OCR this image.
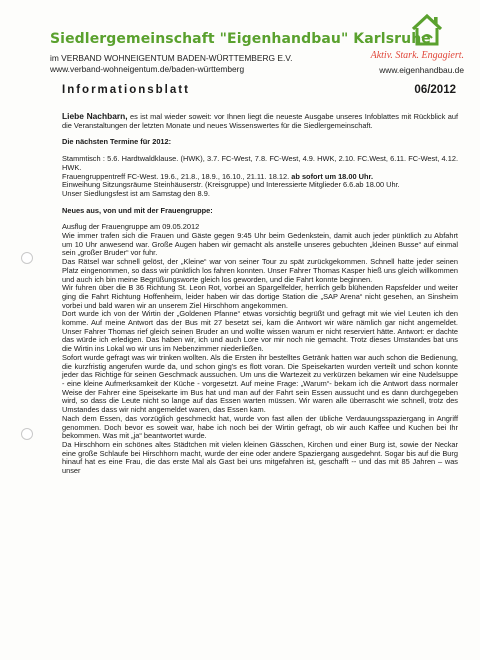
Siedlergemeinschaft "Eigenhandbau" Karlsruhe
im VERBAND WOHNEIGENTUM BADEN-WÜRTTEMBERG E.V.
www.verband-wohneigentum.de/baden-württemberg
Aktiv. Stark. Engagiert.
www.eigenhandbau.de
Informationsblatt	06/2012

Liebe Nachbarn, es ist mal wieder soweit: vor Ihnen liegt die neueste Ausgabe unseres Infoblattes mit Rückblick auf die Veranstaltungen der letzten Monate und neues Wissenswertes für die Siedlergemeinschaft.

Die nächsten Termine für 2012:

Stammtisch : 5.6. Hardtwaldklause. (HWK), 3.7. FC-West, 7.8. FC-West, 4.9. HWK, 2.10. FC.West, 6.11. FC-West, 4.12. HWK.

Frauengruppentreff FC-West. 19.6., 21.8., 18.9., 16.10., 21.11. 18.12. ab sofort um 18.00 Uhr.

Einweihung Sitzungsräume Steinhäuserstr. (Kreisgruppe) und Interessierte Mitglieder 6.6.ab 18.00 Uhr.

Unser Siedlungsfest ist am Samstag den 8.9.

Neues aus, von und mit der Frauengruppe:

Ausflug der Frauengruppe am 09.05.2012

Wie immer trafen sich die Frauen und Gäste gegen 9:45 Uhr beim Gedenkstein, damit auch jeder pünktlich zu Abfahrt um 10 Uhr anwesend war. Große Augen haben wir gemacht als anstelle unseres gebuchten „kleinen Busse“ auf einmal sein „großer Bruder“ vor fuhr.

Das Rätsel war schnell gelöst, der „Kleine“ war von seiner Tour zu spät zurückgekommen. Schnell hatte jeder seinen Platz eingenommen, so dass wir pünktlich los fahren konnten. Unser Fahrer Thomas Kasper hieß uns gleich willkommen und auch ich bin meine Begrüßungsworte gleich los geworden, und die Fahrt konnte beginnen.

Wir fuhren über die B 36 Richtung St. Leon Rot, vorbei an Spargelfelder, herrlich gelb blühenden Rapsfelder und weiter ging die Fahrt Richtung Hoffenheim, leider haben wir das dortige Station die „SAP Arena“ nicht gesehen, an Sinsheim vorbei und bald waren wir an unserem Ziel Hirschhorn angekommen.

Dort wurde ich von der Wirtin der „Goldenen Pfanne“ etwas vorsichtig begrüßt und gefragt mit wie viel Leuten ich den komme. Auf meine Antwort das der Bus mit 27 besetzt sei, kam die Antwort wir wäre nämlich gar nicht angemeldet. Unser Fahrer Thomas rief gleich seinen Bruder an und wollte wissen warum er nicht reserviert hätte. Antwort: er dachte das würde ich erledigen. Das haben wir, ich und auch Lore vor mir noch nie gemacht. Trotz dieses Umstandes bat uns die Wirtin ins Lokal wo wir uns im Nebenzimmer niederließen.

Sofort wurde gefragt was wir trinken wollten. Als die Ersten ihr bestelltes Getränk hatten war auch schon die Bedienung, die kurzfristig angerufen wurde da, und schon ging's es flott voran. Die Speisekarten wurden verteilt und schon konnte jeder das Richtige für seinen Geschmack aussuchen. Um uns die Wartezeit zu verkürzen bekamen wir eine Nudelsuppe - eine kleine Aufmerksamkeit der Küche - vorgesetzt. Auf meine Frage: „Warum“- bekam ich die Antwort dass normaler Weise der Fahrer eine Speisekarte im Bus hat und man auf der Fahrt sein Essen aussucht und es dann durchgegeben wird, so dass die Leute nicht so lange auf das Essen warten müssen. Wir waren alle überrascht wie schnell, trotz des Umstandes dass wir nicht angemeldet waren, das Essen kam.

Nach dem Essen, das vorzüglich geschmeckt hat, wurde von fast allen der übliche Verdauungsspaziergang in Angriff genommen. Doch bevor es soweit war, habe ich noch bei der Wirtin gefragt, ob wir auch Kaffee und Kuchen bei Ihr bekommen. Was mit „ja“ beantwortet wurde.

Da Hirschhorn ein schönes altes Städtchen mit vielen kleinen Gässchen, Kirchen und einer Burg ist, sowie der Neckar eine große Schlaufe bei Hirschhorn macht, wurde der eine oder andere Spaziergang ausgedehnt. Sogar bis auf die Burg hinauf hat es eine Frau, die das erste Mal als Gast bei uns mitgefahren ist, geschafft -- und das mit 85 Jahren – was unser
